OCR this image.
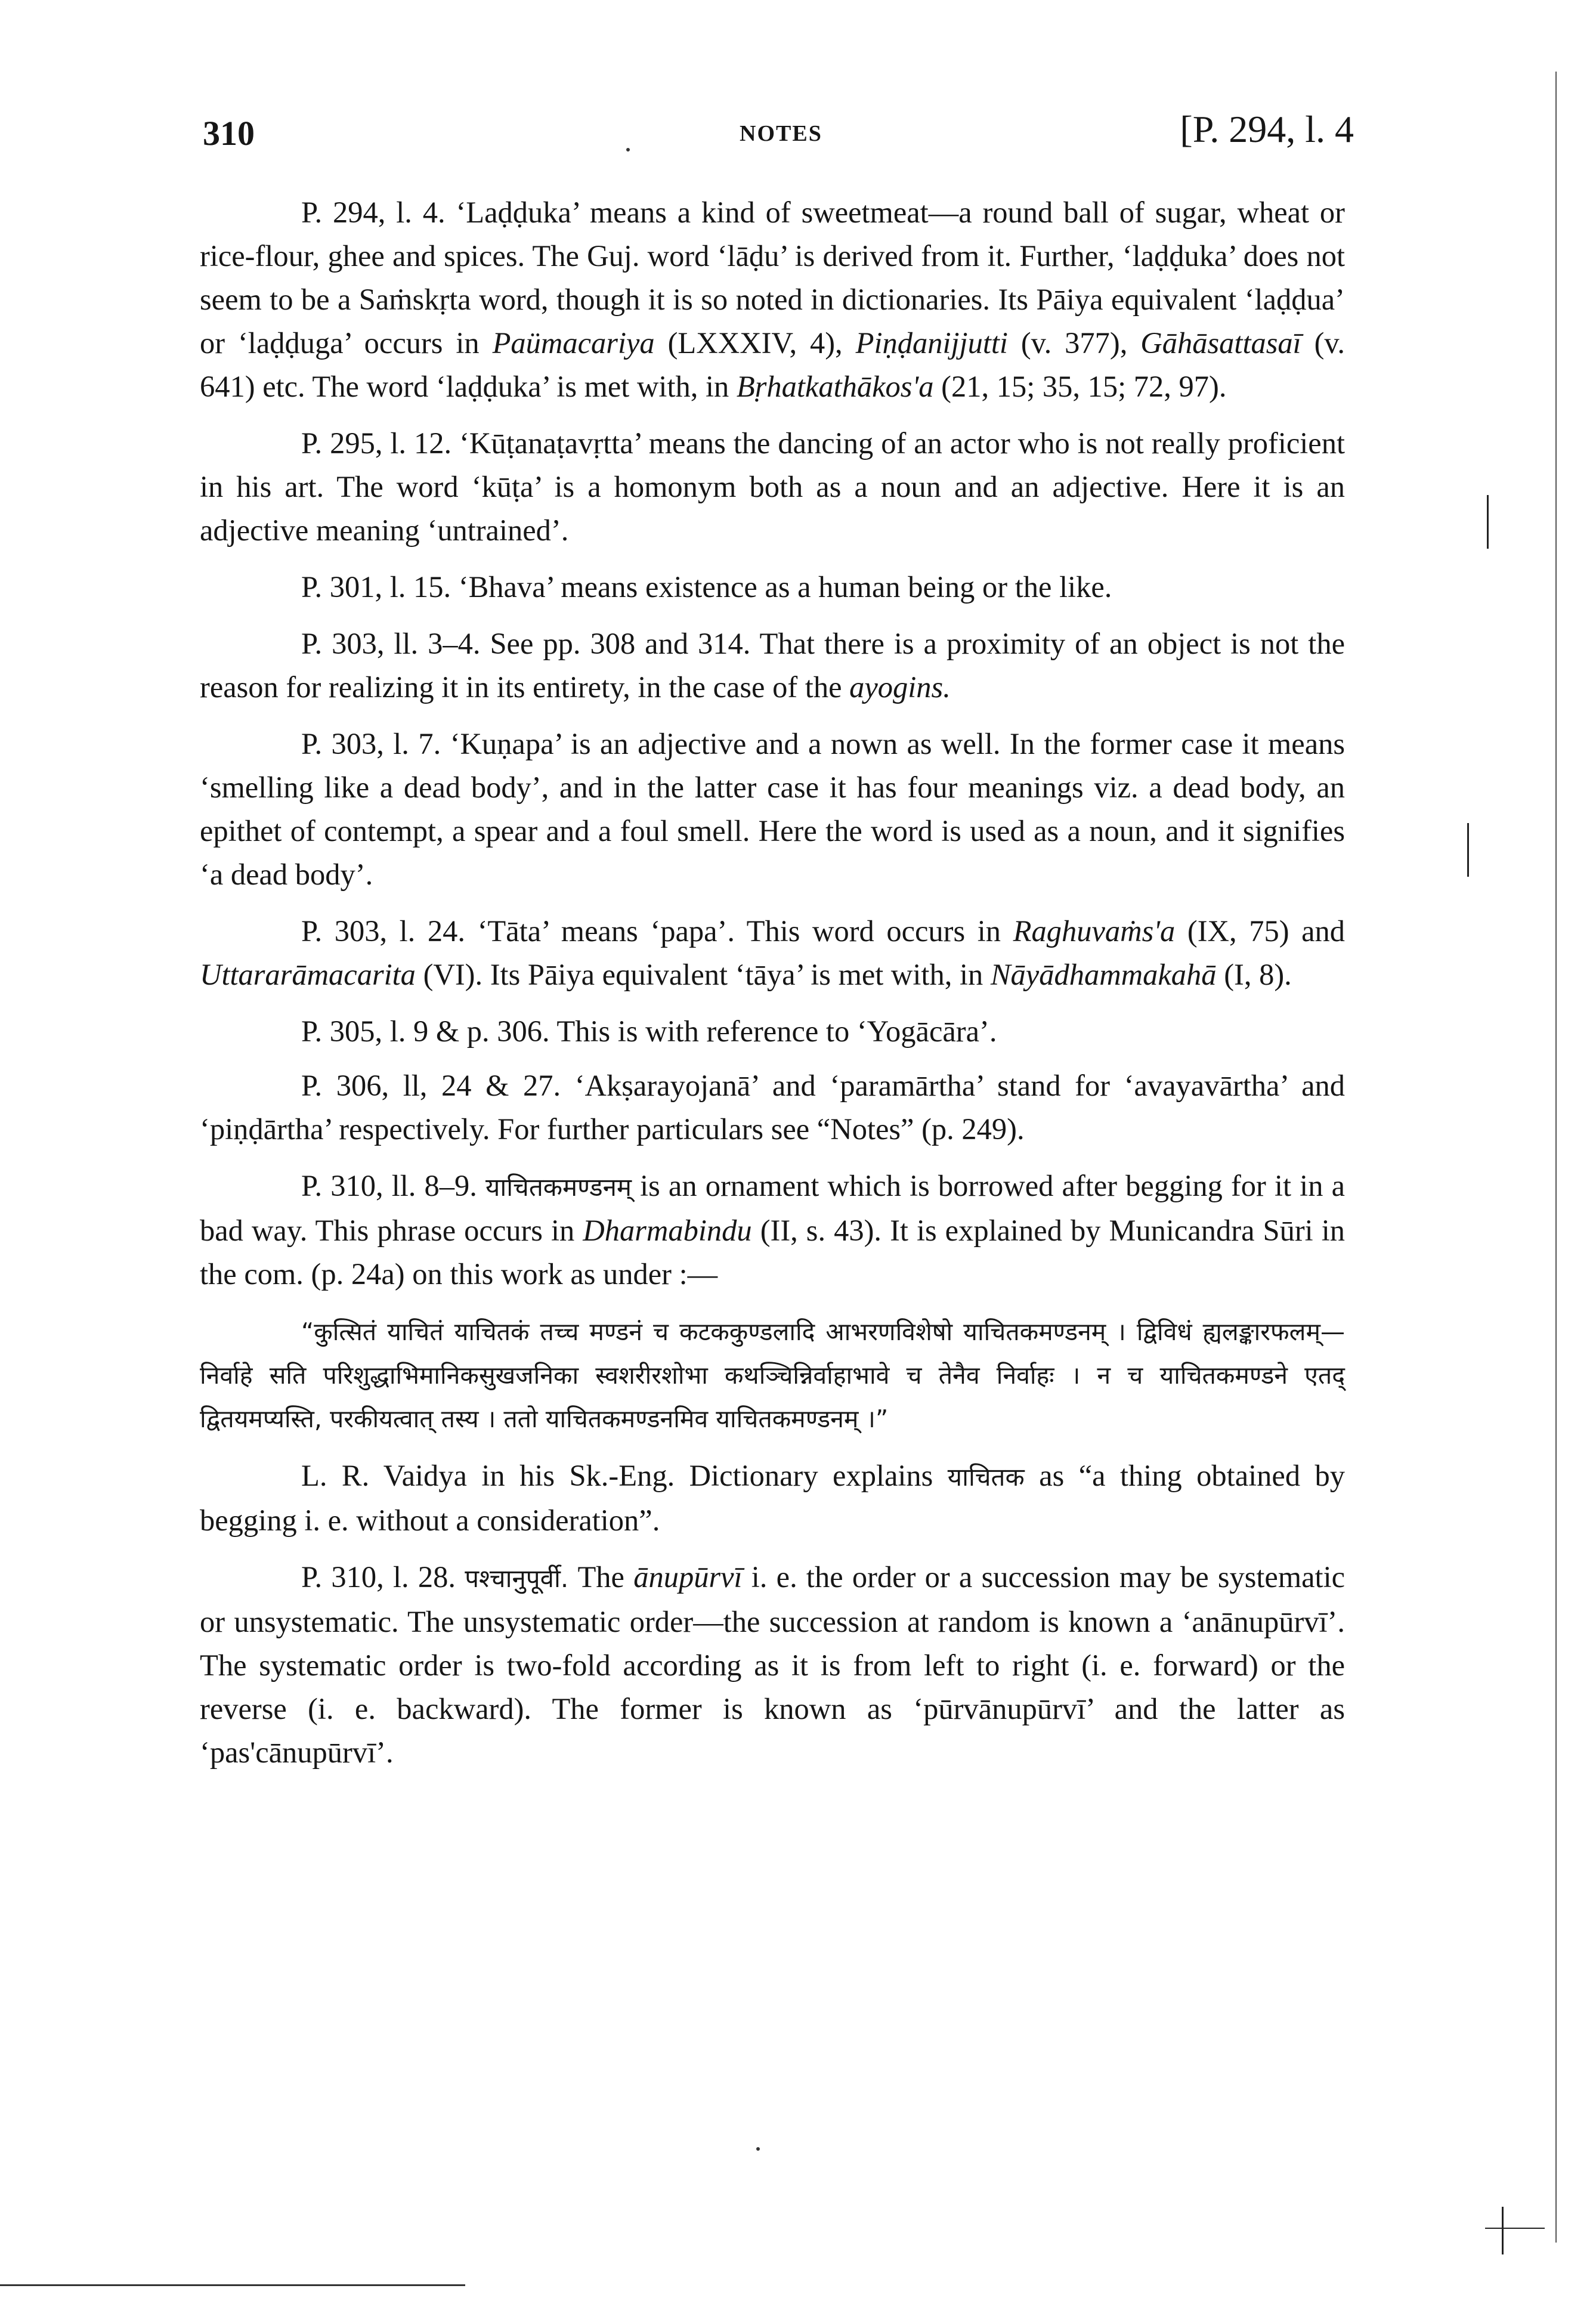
310	NOTES	[P. 294, l. 4

P. 294, l. 4. ‘Laḍḍuka’ means a kind of sweetmeat—a round ball of sugar, wheat or rice-flour, ghee and spices. The Guj. word ‘lāḍu’ is derived from it. Further, ‘laḍḍuka’ does not seem to be a Saṁskṛta word, though it is so noted in dictionaries. Its Pāiya equivalent ‘laḍḍua’ or ‘laḍḍuga’ occurs in Paümacariya (LXXXIV, 4), Piṇḍanijjutti (v. 377), Gāhāsattasaī (v. 641) etc. The word ‘laḍḍuka’ is met with, in Bṛhatkathākos'a (21, 15; 35, 15; 72, 97).

P. 295, l. 12. ‘Kūṭanaṭavṛtta’ means the dancing of an actor who is not really proficient in his art. The word ‘kūṭa’ is a homonym both as a noun and an adjective. Here it is an adjective meaning ‘untrained’.

P. 301, l. 15. ‘Bhava’ means existence as a human being or the like.

P. 303, ll. 3–4. See pp. 308 and 314. That there is a proximity of an object is not the reason for realizing it in its entirety, in the case of the ayogins.

P. 303, l. 7. ‘Kuṇapa’ is an adjective and a nown as well. In the former case it means ‘smelling like a dead body’, and in the latter case it has four meanings viz. a dead body, an epithet of contempt, a spear and a foul smell. Here the word is used as a noun, and it signifies ‘a dead body’.

P. 303, l. 24. ‘Tāta’ means ‘papa’. This word occurs in Raghuvaṁs'a (IX, 75) and Uttararāmacarita (VI). Its Pāiya equivalent ‘tāya’ is met with, in Nāyādhammakahā (I, 8).

P. 305, l. 9 & p. 306. This is with reference to ‘Yogācāra’.

P. 306, ll, 24 & 27. ‘Akṣarayojanā’ and ‘paramārtha’ stand for ‘avayavārtha’ and ‘piṇḍārtha’ respectively. For further particulars see “Notes” (p. 249).

P. 310, ll. 8–9. याचितकमण्डनम् is an ornament which is borrowed after begging for it in a bad way. This phrase occurs in Dharmabindu (II, s. 43). It is explained by Municandra Sūri in the com. (p. 24a) on this work as under :—

“कुत्सितं याचितं याचितकं तच्च मण्डनं च कटककुण्डलादि आभरणविशेषो याचितकमण्डनम् । द्विविधं ह्यलङ्कारफलम्—निर्वाहे सति परिशुद्धाभिमानिकसुखजनिका स्वशरीरशोभा कथञ्चिन्निर्वाहाभावे च तेनैव निर्वाहः । न च याचितकमण्डने एतद् द्वितयमप्यस्ति, परकीयत्वात् तस्य । ततो याचितकमण्डनमिव याचितकमण्डनम् ।”

L. R. Vaidya in his Sk.-Eng. Dictionary explains याचितक as “a thing obtained by begging i. e. without a consideration”.

P. 310, l. 28. पश्चानुपूर्वी. The ānupūrvī i. e. the order or a succession may be systematic or unsystematic. The unsystematic order—the succession at random is known a ‘anānupūrvī’. The systematic order is two-fold according as it is from left to right (i. e. forward) or the reverse (i. e. backward). The former is known as ‘pūrvānupūrvī’ and the latter as ‘pas'cānupūrvī’.
